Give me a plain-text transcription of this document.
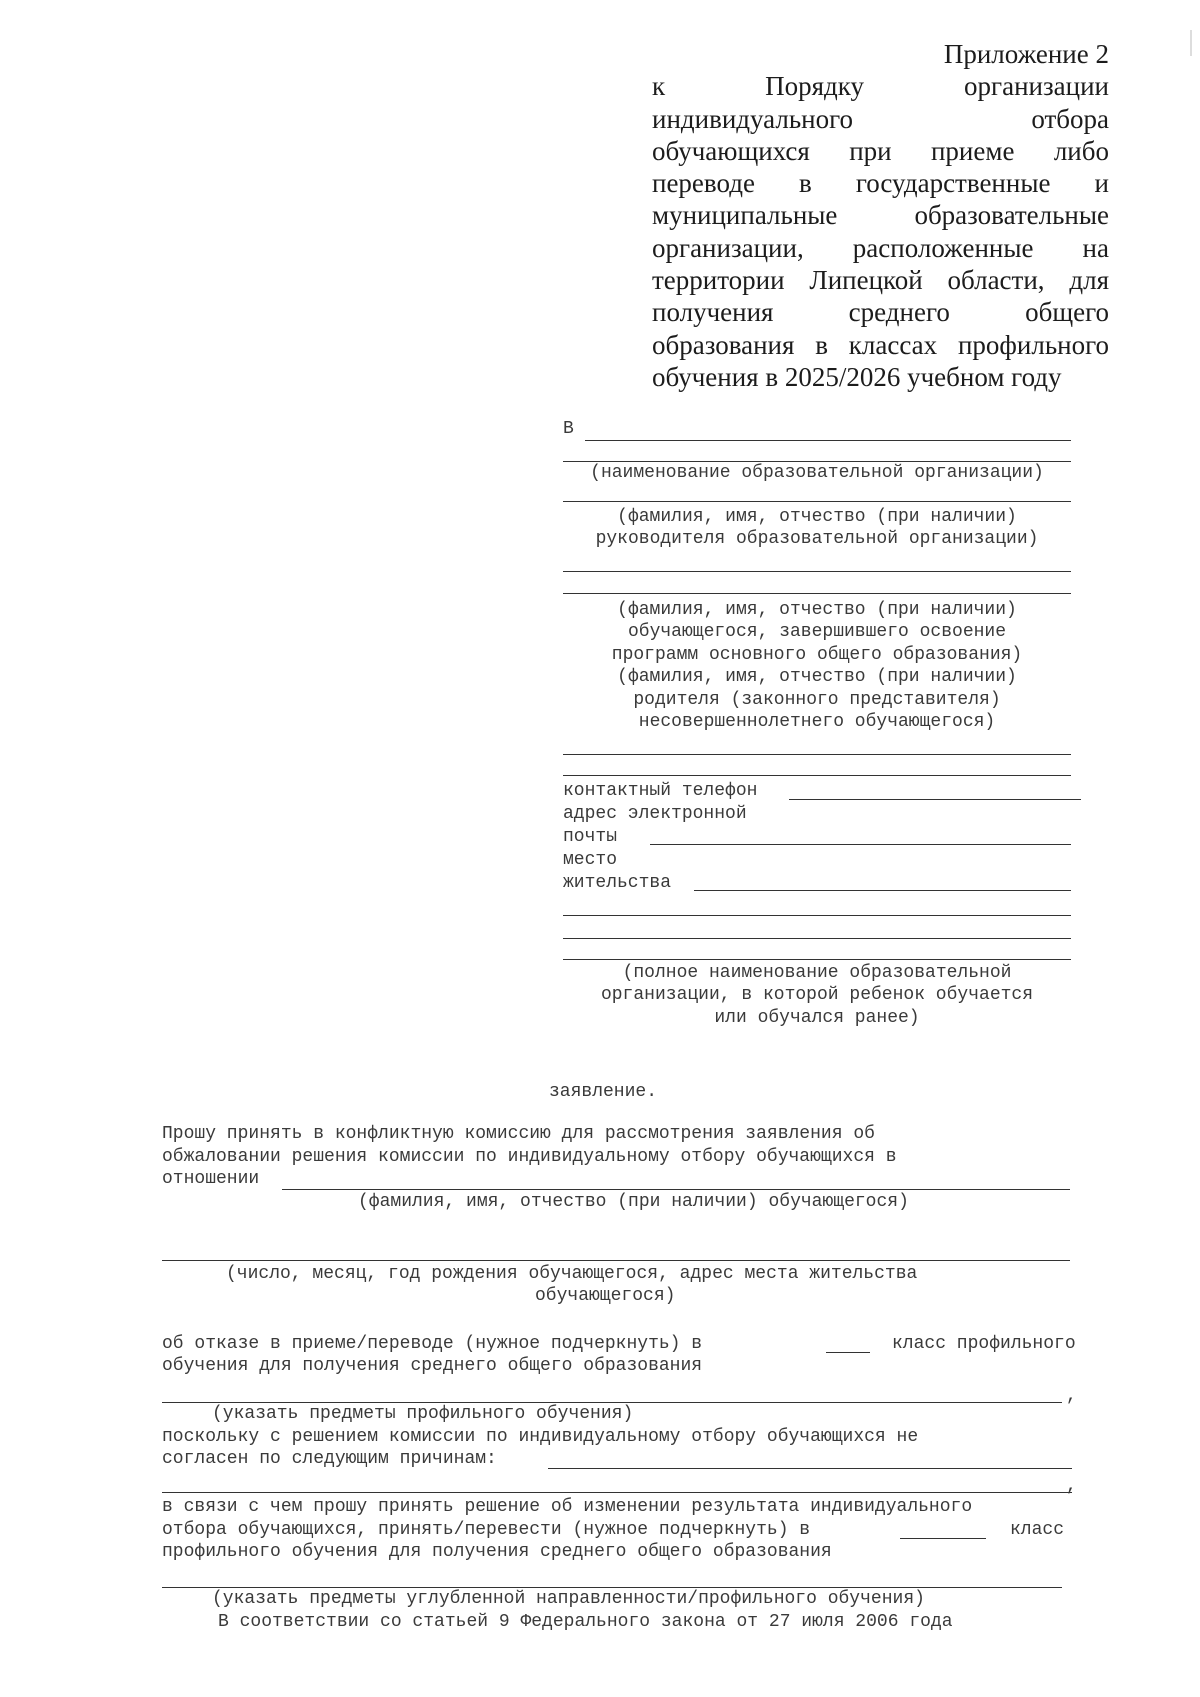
Приложение 2
к Порядку организации
индивидуального отбора
обучающихся при приеме либо
переводе в государственные и
муниципальные образовательные
организации, расположенные на
территории Липецкой области, для
получения среднего общего
образования в классах профильного
обучения в 2025/2026 учебном году
В
(наименование образовательной организации)
(фамилия, имя, отчество (при наличии)
руководителя образовательной организации)
(фамилия, имя, отчество (при наличии)
обучающегося, завершившего освоение
программ основного общего образования)
(фамилия, имя, отчество (при наличии)
родителя (законного представителя)
несовершеннолетнего обучающегося)
контактный телефон
адрес электронной
почты
место
жительства
(полное наименование образовательной
организации, в которой ребенок обучается
или обучался ранее)
заявление.
Прошу принять в конфликтную комиссию для рассмотрения заявления об
обжаловании решения комиссии по индивидуальному отбору обучающихся в
отношении
(фамилия, имя, отчество (при наличии) обучающегося)
(число, месяц, год рождения обучающегося, адрес места жительства
обучающегося)
об отказе в приеме/переводе (нужное подчеркнуть) в	класс профильного
обучения для получения среднего общего образования
,
(указать предметы профильного обучения)
поскольку с решением комиссии по индивидуальному отбору обучающихся не
согласен по следующим причинам:
,
в связи с чем прошу принять решение об изменении результата индивидуального
отбора обучающихся, принять/перевести (нужное подчеркнуть) в	класс
профильного обучения для получения среднего общего образования
(указать предметы углубленной направленности/профильного обучения)
В соответствии со статьей 9 Федерального закона от 27 июля 2006 года
